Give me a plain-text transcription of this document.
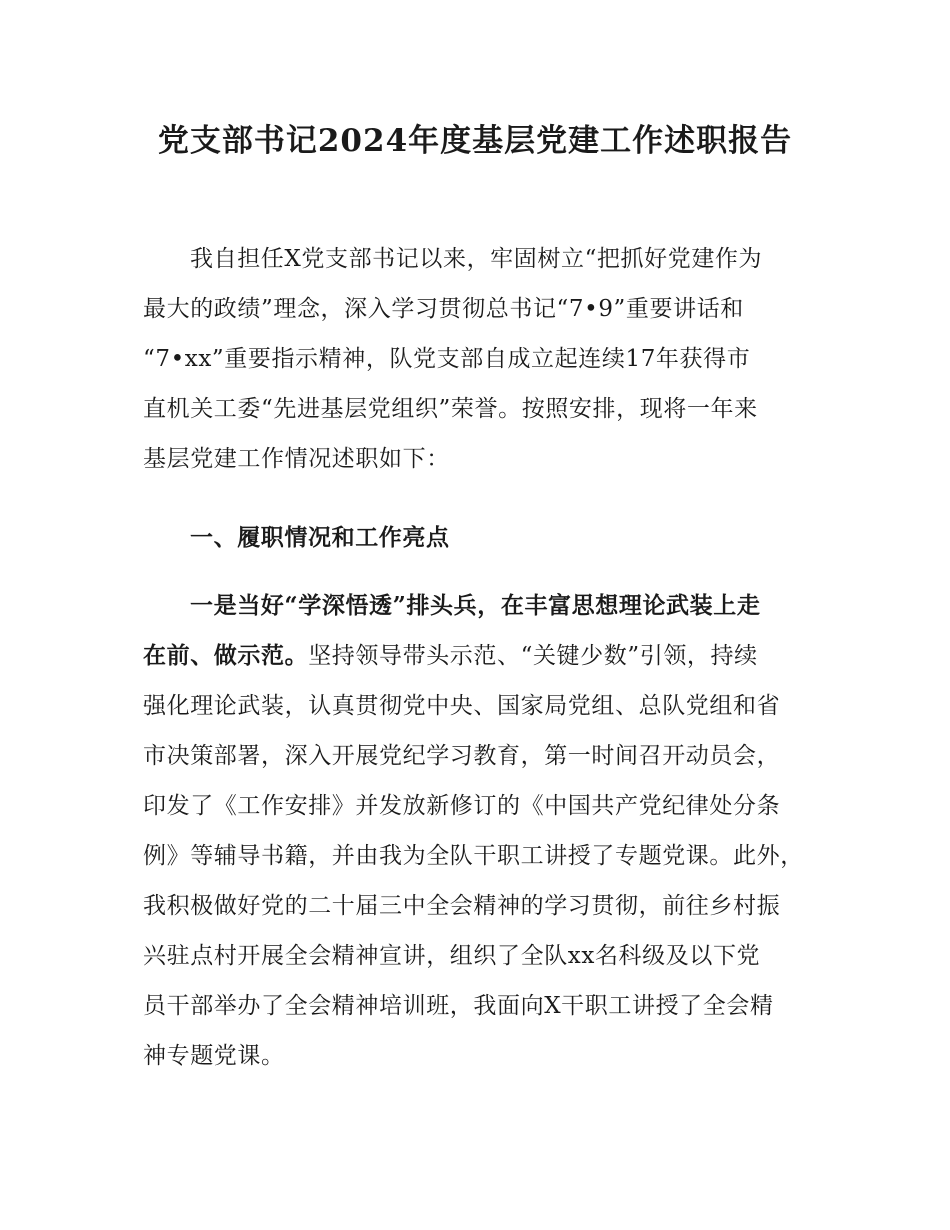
党支部书记2024年度基层党建工作述职报告
我自担任X党支部书记以来，牢固树立“把抓好党建作为
最大的政绩”理念，深入学习贯彻总书记“7•9”重要讲话和
“7•xx”重要指示精神，队党支部自成立起连续17年获得市
直机关工委“先进基层党组织”荣誉。按照安排，现将一年来
基层党建工作情况述职如下：
一、履职情况和工作亮点
一是当好“学深悟透”排头兵，在丰富思想理论武装上走
在前、做示范。坚持领导带头示范、“关键少数”引领，持续
强化理论武装，认真贯彻党中央、国家局党组、总队党组和省
市决策部署，深入开展党纪学习教育，第一时间召开动员会，
印发了《工作安排》并发放新修订的《中国共产党纪律处分条
例》等辅导书籍，并由我为全队干职工讲授了专题党课。此外，
我积极做好党的二十届三中全会精神的学习贯彻，前往乡村振
兴驻点村开展全会精神宣讲，组织了全队xx名科级及以下党
员干部举办了全会精神培训班，我面向X干职工讲授了全会精
神专题党课。
